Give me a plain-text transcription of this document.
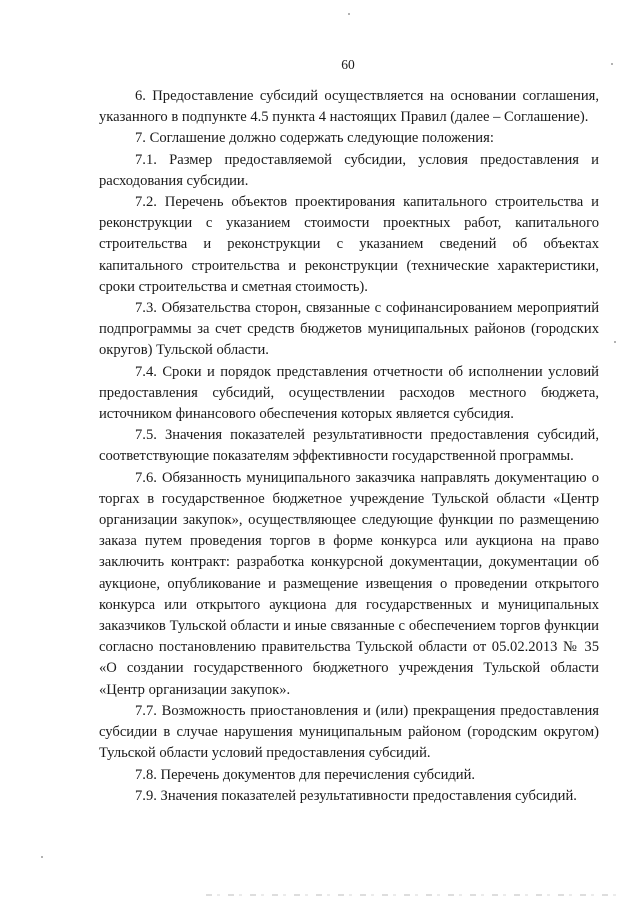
60

6. Предоставление субсидий осуществляется на основании соглашения, указанного в подпункте 4.5 пункта 4 настоящих Правил (далее – Соглашение).

7. Соглашение должно содержать следующие положения:

7.1. Размер предоставляемой субсидии, условия предоставления и расходования субсидии.

7.2. Перечень объектов проектирования капитального строительства и реконструкции с указанием стоимости проектных работ, капитального строительства и реконструкции с указанием сведений об объектах капитального строительства и реконструкции (технические характеристики, сроки строительства и сметная стоимость).

7.3. Обязательства сторон, связанные с софинансированием мероприятий подпрограммы за счет средств бюджетов муниципальных районов (городских округов) Тульской области.

7.4. Сроки и порядок представления отчетности об исполнении условий предоставления субсидий, осуществлении расходов местного бюджета, источником финансового обеспечения которых является субсидия.

7.5. Значения показателей результативности предоставления субсидий, соответствующие показателям эффективности государственной программы.

7.6. Обязанность муниципального заказчика направлять документацию о торгах в государственное бюджетное учреждение Тульской области «Центр организации закупок», осуществляющее следующие функции по размещению заказа путем проведения торгов в форме конкурса или аукциона на право заключить контракт: разработка конкурсной документации, документации об аукционе, опубликование и размещение извещения о проведении открытого конкурса или открытого аукциона для государственных и муниципальных заказчиков Тульской области и иные связанные с обеспечением торгов функции согласно постановлению правительства Тульской области от 05.02.2013 № 35 «О создании государственного бюджетного учреждения Тульской области «Центр организации закупок».

7.7. Возможность приостановления и (или) прекращения предоставления субсидии в случае нарушения муниципальным районом (городским округом) Тульской области условий предоставления субсидий.

7.8. Перечень документов для перечисления субсидий.

7.9. Значения показателей результативности предоставления субсидий.
